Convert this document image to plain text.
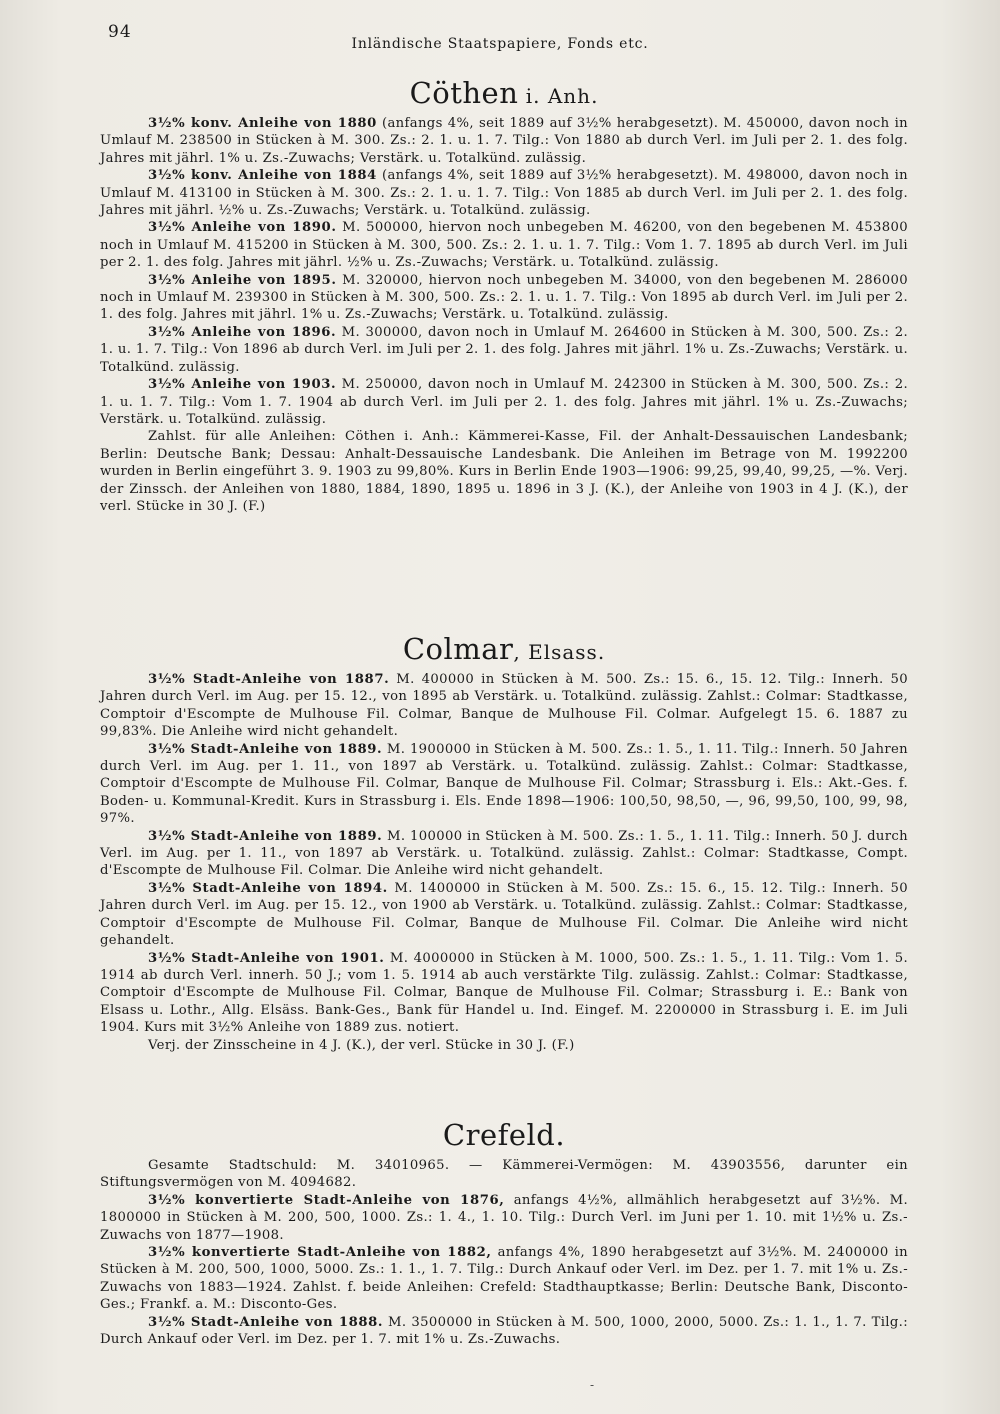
94
Inländische Staatspapiere, Fonds etc.
Cöthen i. Anh.

3½% konv. Anleihe von 1880 (anfangs 4%, seit 1889 auf 3½% herabgesetzt). M. 450000, davon noch in Umlauf M. 238500 in Stücken à M. 300. Zs.: 2. 1. u. 1. 7. Tilg.: Von 1880 ab durch Verl. im Juli per 2. 1. des folg. Jahres mit jährl. 1% u. Zs.-Zuwachs; Verstärk. u. Totalkünd. zulässig.

3½% konv. Anleihe von 1884 (anfangs 4%, seit 1889 auf 3½% herabgesetzt). M. 498000, davon noch in Umlauf M. 413100 in Stücken à M. 300. Zs.: 2. 1. u. 1. 7. Tilg.: Von 1885 ab durch Verl. im Juli per 2. 1. des folg. Jahres mit jährl. ½% u. Zs.-Zuwachs; Verstärk. u. Totalkünd. zulässig.

3½% Anleihe von 1890. M. 500000, hiervon noch unbegeben M. 46200, von den begebenen M. 453800 noch in Umlauf M. 415200 in Stücken à M. 300, 500. Zs.: 2. 1. u. 1. 7. Tilg.: Vom 1. 7. 1895 ab durch Verl. im Juli per 2. 1. des folg. Jahres mit jährl. ½% u. Zs.-Zuwachs; Verstärk. u. Totalkünd. zulässig.

3½% Anleihe von 1895. M. 320000, hiervon noch unbegeben M. 34000, von den begebenen M. 286000 noch in Umlauf M. 239300 in Stücken à M. 300, 500. Zs.: 2. 1. u. 1. 7. Tilg.: Von 1895 ab durch Verl. im Juli per 2. 1. des folg. Jahres mit jährl. 1% u. Zs.-Zuwachs; Verstärk. u. Totalkünd. zulässig.

3½% Anleihe von 1896. M. 300000, davon noch in Umlauf M. 264600 in Stücken à M. 300, 500. Zs.: 2. 1. u. 1. 7. Tilg.: Von 1896 ab durch Verl. im Juli per 2. 1. des folg. Jahres mit jährl. 1% u. Zs.-Zuwachs; Verstärk. u. Totalkünd. zulässig.

3½% Anleihe von 1903. M. 250000, davon noch in Umlauf M. 242300 in Stücken à M. 300, 500. Zs.: 2. 1. u. 1. 7. Tilg.: Vom 1. 7. 1904 ab durch Verl. im Juli per 2. 1. des folg. Jahres mit jährl. 1% u. Zs.-Zuwachs; Verstärk. u. Totalkünd. zulässig.

Zahlst. für alle Anleihen: Cöthen i. Anh.: Kämmerei-Kasse, Fil. der Anhalt-Dessauischen Landesbank; Berlin: Deutsche Bank; Dessau: Anhalt-Dessauische Landesbank. Die Anleihen im Betrage von M. 1992200 wurden in Berlin eingeführt 3. 9. 1903 zu 99,80%. Kurs in Berlin Ende 1903—1906: 99,25, 99,40, 99,25, —%. Verj. der Zinssch. der Anleihen von 1880, 1884, 1890, 1895 u. 1896 in 3 J. (K.), der Anleihe von 1903 in 4 J. (K.), der verl. Stücke in 30 J. (F.)

Colmar, Elsass.

3½% Stadt-Anleihe von 1887. M. 400000 in Stücken à M. 500. Zs.: 15. 6., 15. 12. Tilg.: Innerh. 50 Jahren durch Verl. im Aug. per 15. 12., von 1895 ab Verstärk. u. Totalkünd. zulässig. Zahlst.: Colmar: Stadtkasse, Comptoir d'Escompte de Mulhouse Fil. Colmar, Banque de Mulhouse Fil. Colmar. Aufgelegt 15. 6. 1887 zu 99,83%. Die Anleihe wird nicht gehandelt.

3½% Stadt-Anleihe von 1889. M. 1900000 in Stücken à M. 500. Zs.: 1. 5., 1. 11. Tilg.: Innerh. 50 Jahren durch Verl. im Aug. per 1. 11., von 1897 ab Verstärk. u. Totalkünd. zulässig. Zahlst.: Colmar: Stadtkasse, Comptoir d'Escompte de Mulhouse Fil. Colmar, Banque de Mulhouse Fil. Colmar; Strassburg i. Els.: Akt.-Ges. f. Boden- u. Kommunal-Kredit. Kurs in Strassburg i. Els. Ende 1898—1906: 100,50, 98,50, —, 96, 99,50, 100, 99, 98, 97%.

3½% Stadt-Anleihe von 1889. M. 100000 in Stücken à M. 500. Zs.: 1. 5., 1. 11. Tilg.: Innerh. 50 J. durch Verl. im Aug. per 1. 11., von 1897 ab Verstärk. u. Totalkünd. zulässig. Zahlst.: Colmar: Stadtkasse, Compt. d'Escompte de Mulhouse Fil. Colmar. Die Anleihe wird nicht gehandelt.

3½% Stadt-Anleihe von 1894. M. 1400000 in Stücken à M. 500. Zs.: 15. 6., 15. 12. Tilg.: Innerh. 50 Jahren durch Verl. im Aug. per 15. 12., von 1900 ab Verstärk. u. Totalkünd. zulässig. Zahlst.: Colmar: Stadtkasse, Comptoir d'Escompte de Mulhouse Fil. Colmar, Banque de Mulhouse Fil. Colmar. Die Anleihe wird nicht gehandelt.

3½% Stadt-Anleihe von 1901. M. 4000000 in Stücken à M. 1000, 500. Zs.: 1. 5., 1. 11. Tilg.: Vom 1. 5. 1914 ab durch Verl. innerh. 50 J.; vom 1. 5. 1914 ab auch verstärkte Tilg. zulässig. Zahlst.: Colmar: Stadtkasse, Comptoir d'Escompte de Mulhouse Fil. Colmar, Banque de Mulhouse Fil. Colmar; Strassburg i. E.: Bank von Elsass u. Lothr., Allg. Elsäss. Bank-Ges., Bank für Handel u. Ind. Eingef. M. 2200000 in Strassburg i. E. im Juli 1904. Kurs mit 3½% Anleihe von 1889 zus. notiert.

Verj. der Zinsscheine in 4 J. (K.), der verl. Stücke in 30 J. (F.)

Crefeld.

Gesamte Stadtschuld: M. 34010965. — Kämmerei-Vermögen: M. 43903556, darunter ein Stiftungsvermögen von M. 4094682.

3½% konvertierte Stadt-Anleihe von 1876, anfangs 4½%, allmählich herabgesetzt auf 3½%. M. 1800000 in Stücken à M. 200, 500, 1000. Zs.: 1. 4., 1. 10. Tilg.: Durch Verl. im Juni per 1. 10. mit 1½% u. Zs.-Zuwachs von 1877—1908.

3½% konvertierte Stadt-Anleihe von 1882, anfangs 4%, 1890 herabgesetzt auf 3½%. M. 2400000 in Stücken à M. 200, 500, 1000, 5000. Zs.: 1. 1., 1. 7. Tilg.: Durch Ankauf oder Verl. im Dez. per 1. 7. mit 1% u. Zs.-Zuwachs von 1883—1924. Zahlst. f. beide Anleihen: Crefeld: Stadthauptkasse; Berlin: Deutsche Bank, Disconto-Ges.; Frankf. a. M.: Disconto-Ges.

3½% Stadt-Anleihe von 1888. M. 3500000 in Stücken à M. 500, 1000, 2000, 5000. Zs.: 1. 1., 1. 7. Tilg.: Durch Ankauf oder Verl. im Dez. per 1. 7. mit 1% u. Zs.-Zuwachs.

-
